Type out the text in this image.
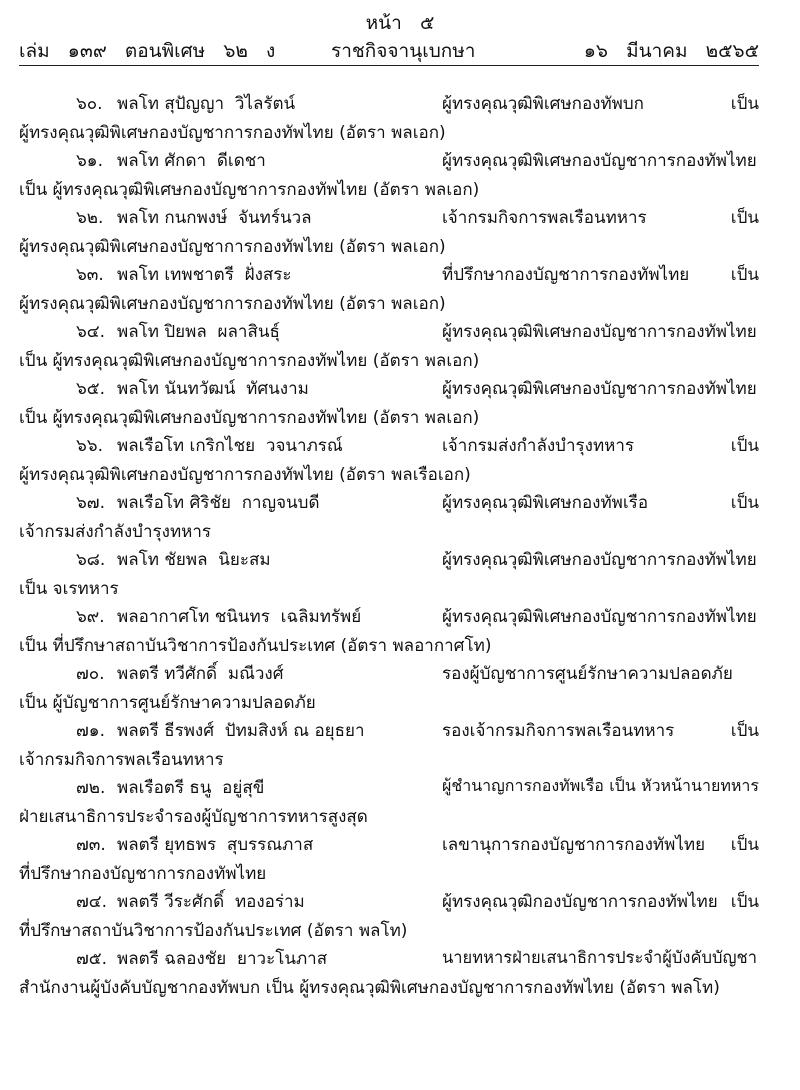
หน้า   ๕
เล่ม   ๑๓๙   ตอนพิเศษ   ๖๒   ง	ราชกิจจานุเบกษา	๑๖   มีนาคม   ๒๕๖๕
๖๐. พลโท สุปัญญา  วิไลรัตน์	ผู้ทรงคุณวุฒิพิเศษกองทัพบก เป็น
ผู้ทรงคุณวุฒิพิเศษกองบัญชาการกองทัพไทย (อัตรา พลเอก)
๖๑. พลโท ศักดา  ดีเดชา	ผู้ทรงคุณวุฒิพิเศษกองบัญชาการกองทัพไทย
เป็น ผู้ทรงคุณวุฒิพิเศษกองบัญชาการกองทัพไทย (อัตรา พลเอก)
๖๒. พลโท กนกพงษ์  จันทร์นวล	เจ้ากรมกิจการพลเรือนทหาร เป็น
ผู้ทรงคุณวุฒิพิเศษกองบัญชาการกองทัพไทย (อัตรา พลเอก)
๖๓. พลโท เทพชาตรี  ฝั่งสระ	ที่ปรึกษากองบัญชาการกองทัพไทย เป็น
ผู้ทรงคุณวุฒิพิเศษกองบัญชาการกองทัพไทย (อัตรา พลเอก)
๖๔. พลโท ปิยพล  ผลาสินธุ์	ผู้ทรงคุณวุฒิพิเศษกองบัญชาการกองทัพไทย
เป็น ผู้ทรงคุณวุฒิพิเศษกองบัญชาการกองทัพไทย (อัตรา พลเอก)
๖๕. พลโท นันทวัฒน์  ทัศนงาม	ผู้ทรงคุณวุฒิพิเศษกองบัญชาการกองทัพไทย
เป็น ผู้ทรงคุณวุฒิพิเศษกองบัญชาการกองทัพไทย (อัตรา พลเอก)
๖๖. พลเรือโท เกริกไชย  วจนาภรณ์	เจ้ากรมส่งกำลังบำรุงทหาร เป็น
ผู้ทรงคุณวุฒิพิเศษกองบัญชาการกองทัพไทย (อัตรา พลเรือเอก)
๖๗. พลเรือโท ศิริชัย  กาญจนบดี	ผู้ทรงคุณวุฒิพิเศษกองทัพเรือ เป็น
เจ้ากรมส่งกำลังบำรุงทหาร
๖๘. พลโท ชัยพล  นิยะสม	ผู้ทรงคุณวุฒิพิเศษกองบัญชาการกองทัพไทย
เป็น จเรทหาร
๖๙. พลอากาศโท ชนินทร  เฉลิมทรัพย์	ผู้ทรงคุณวุฒิพิเศษกองบัญชาการกองทัพไทย
เป็น ที่ปรึกษาสถาบันวิชาการป้องกันประเทศ (อัตรา พลอากาศโท)
๗๐. พลตรี ทวีศักดิ์  มณีวงศ์	รองผู้บัญชาการศูนย์รักษาความปลอดภัย
เป็น ผู้บัญชาการศูนย์รักษาความปลอดภัย
๗๑. พลตรี ธีรพงศ์  ปัทมสิงห์ ณ อยุธยา	รองเจ้ากรมกิจการพลเรือนทหาร เป็น
เจ้ากรมกิจการพลเรือนทหาร
๗๒. พลเรือตรี ธนู  อยู่สุขี	ผู้ชำนาญการกองทัพเรือ เป็น หัวหน้านายทหาร
ฝ่ายเสนาธิการประจำรองผู้บัญชาการทหารสูงสุด
๗๓. พลตรี ยุทธพร  สุบรรณภาส	เลขานุการกองบัญชาการกองทัพไทย เป็น
ที่ปรึกษากองบัญชาการกองทัพไทย
๗๔. พลตรี วีระศักดิ์  ทองอร่าม	ผู้ทรงคุณวุฒิกองบัญชาการกองทัพไทย เป็น
ที่ปรึกษาสถาบันวิชาการป้องกันประเทศ (อัตรา พลโท)
๗๕. พลตรี ฉลองชัย  ยาวะโนภาส	นายทหารฝ่ายเสนาธิการประจำผู้บังคับบัญชา
สำนักงานผู้บังคับบัญชากองทัพบก เป็น ผู้ทรงคุณวุฒิพิเศษกองบัญชาการกองทัพไทย (อัตรา พลโท)
